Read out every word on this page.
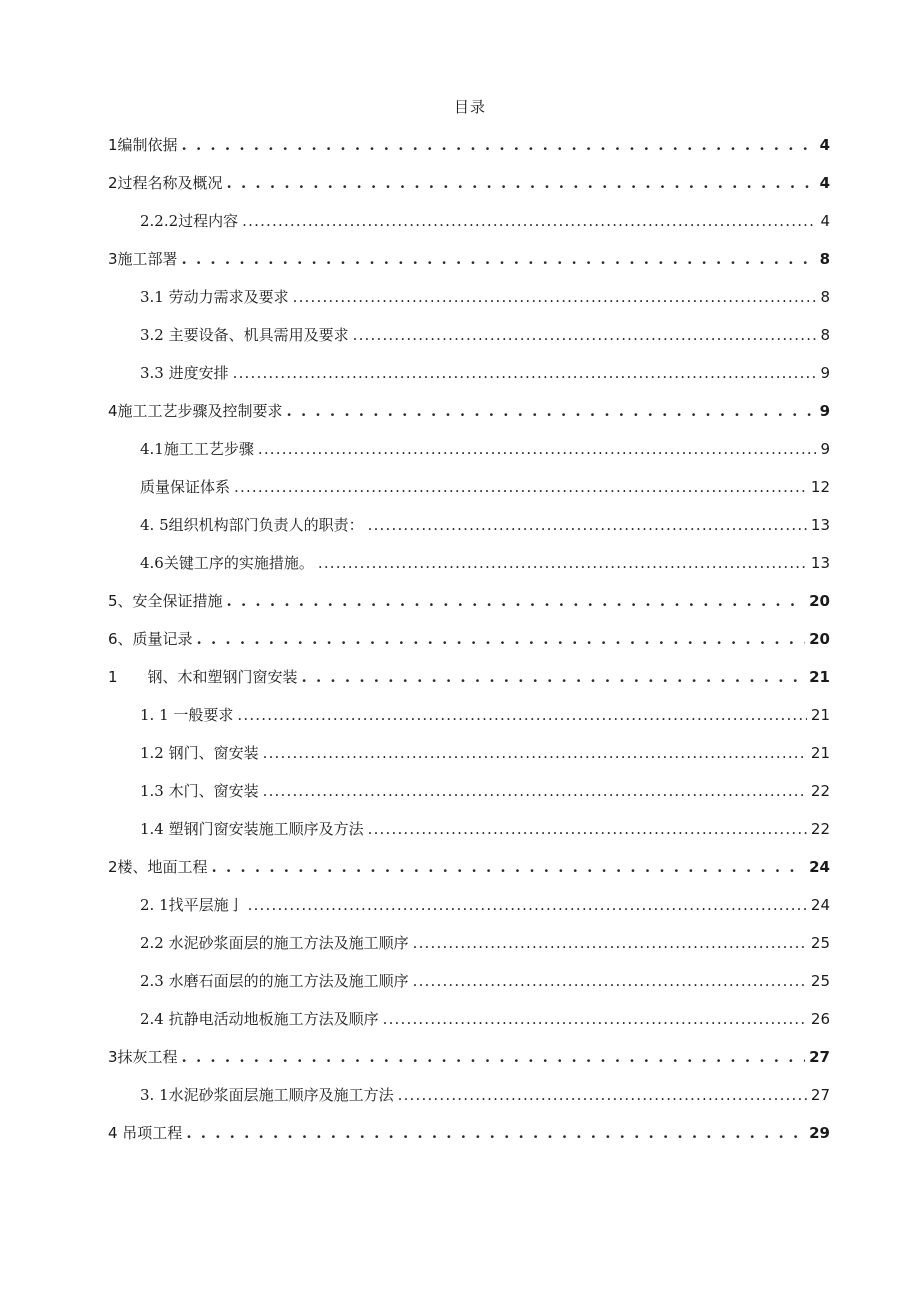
目录
1编制依据 . . .	4
2过程名称及概况 . . .	4
2.2.2过程内容 .....	4
3施工部署 . . .	8
3.1 劳动力需求及要求 .....	8
3.2 主要设备、机具需用及要求 .....	8
3.3 进度安排 .....	9
4施工工艺步骤及控制要求 . . .	9
4.1施工工艺步骤 .....	9
质量保证体系 .....	12
4. 5组织机构部门负责人的职责： .....	13
4.6关键工序的实施措施。 .....	13
5、安全保证措施 . . .	20
6、质量记录 . . .	20
1　　钢、木和塑钢门窗安装 . . .	21
1. 1 一般要求 .....	21
1.2 钢门、窗安装 .....	21
1.3 木门、窗安装 .....	22
1.4 塑钢门窗安装施工顺序及方法 .....	22
2楼、地面工程 . . .	24
2. 1找平层施亅 .....	24
2.2 水泥砂浆面层的施工方法及施工顺序 .....	25
2.3 水磨石面层的的施工方法及施工顺序 .....	25
2.4 抗静电活动地板施工方法及顺序 .....	26
3抹灰工程 . . .	27
3. 1水泥砂浆面层施工顺序及施工方法 .....	27
4 吊项工程 . . .	29
